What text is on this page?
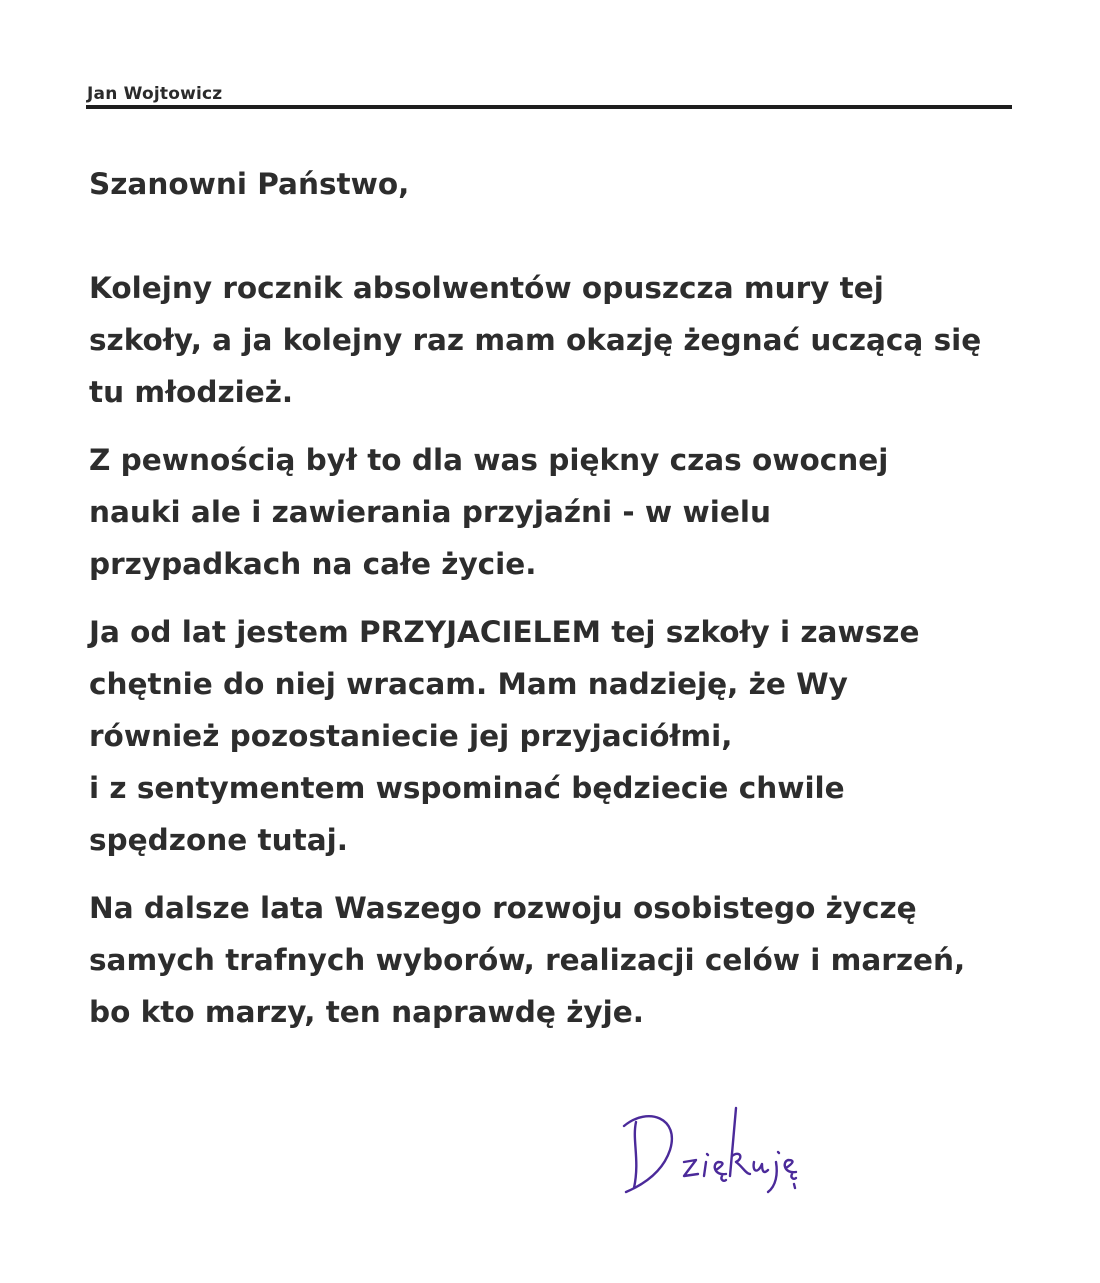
Jan Wojtowicz

Szanowni Państwo,

Kolejny rocznik absolwentów opuszcza mury tej
szkoły, a ja kolejny raz mam okazję żegnać uczącą się
tu młodzież.

Z pewnością był to dla was piękny czas owocnej
nauki ale i zawierania przyjaźni - w wielu
przypadkach na całe życie.

Ja od lat jestem PRZYJACIELEM tej szkoły i zawsze
chętnie do niej wracam. Mam nadzieję, że Wy
również pozostaniecie jej przyjaciółmi,
i z sentymentem wspominać będziecie chwile
spędzone tutaj.

Na dalsze lata Waszego rozwoju osobistego życzę
samych trafnych wyborów, realizacji celów i marzeń,
bo kto marzy, ten naprawdę żyje.
